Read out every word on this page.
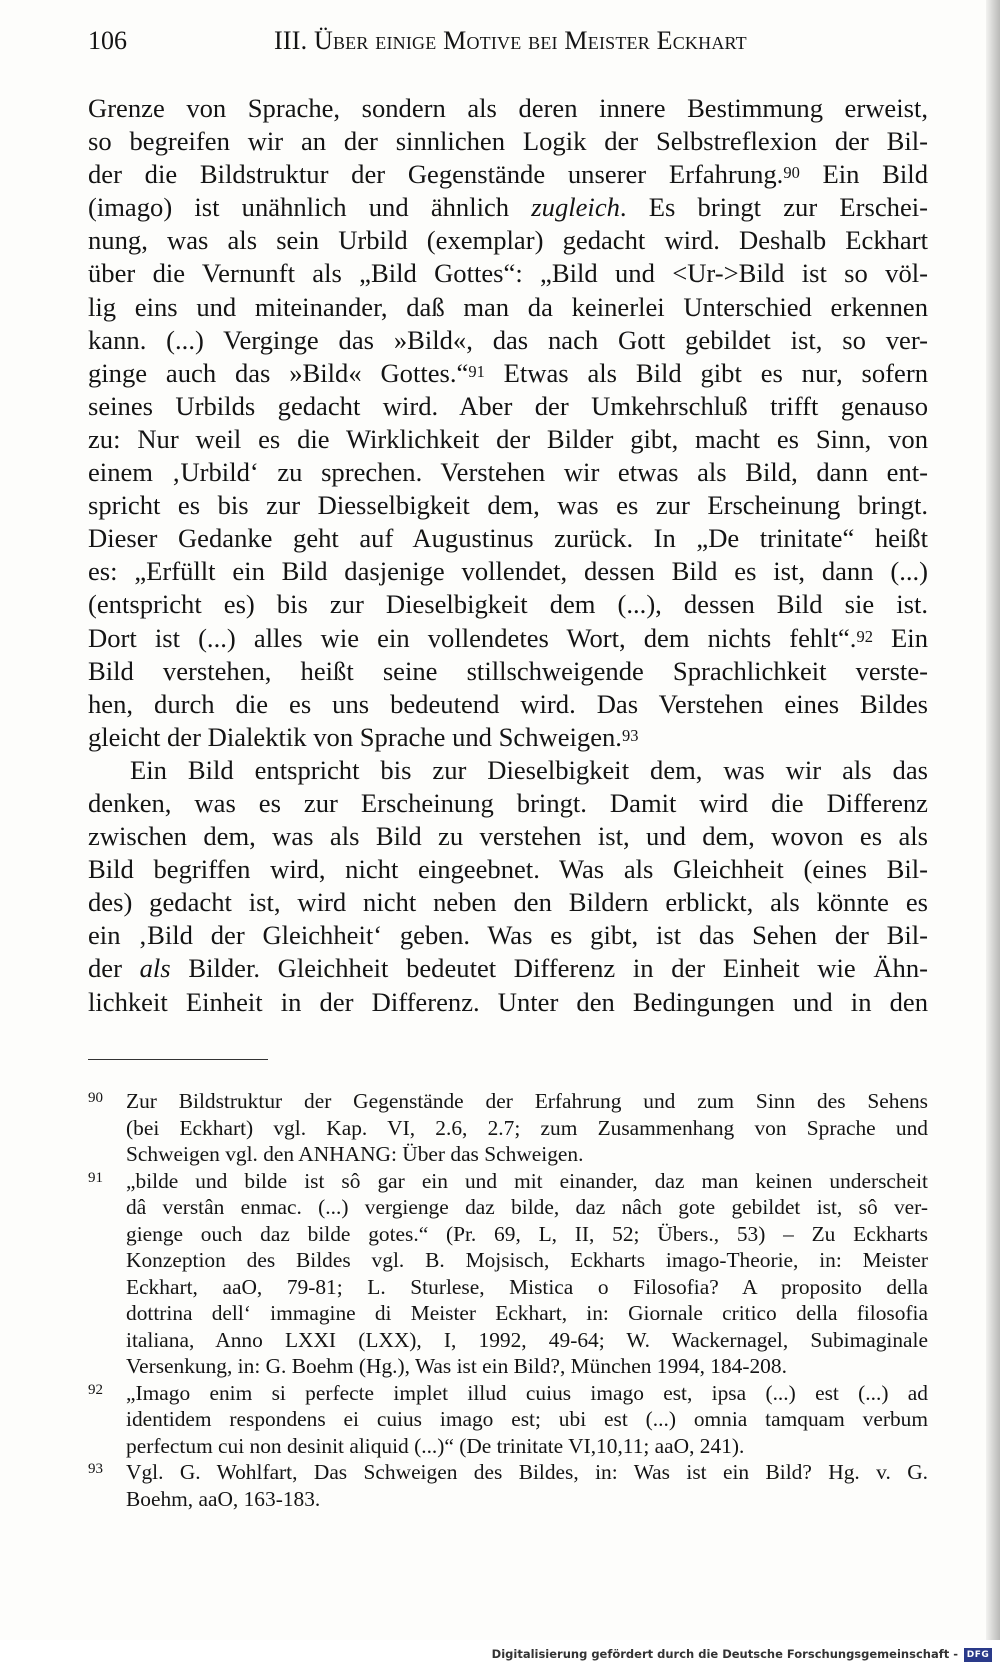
106	III. Über einige Motive bei Meister Eckhart
Grenze von Sprache, sondern als deren innere Bestimmung erweist,
so begreifen wir an der sinnlichen Logik der Selbstreflexion der Bil-
der die Bildstruktur der Gegenstände unserer Erfahrung.$^{90}$ Ein Bild
(imago) ist unähnlich und ähnlich zugleich. Es bringt zur Erschei-
nung, was als sein Urbild (exemplar) gedacht wird. Deshalb Eckhart
über die Vernunft als „Bild Gottes“: „Bild und <Ur->Bild ist so völ-
lig eins und miteinander, daß man da keinerlei Unterschied erkennen
kann. (...) Verginge das »Bild«, das nach Gott gebildet ist, so ver-
ginge auch das »Bild« Gottes.“$^{91}$ Etwas als Bild gibt es nur, sofern
seines Urbilds gedacht wird. Aber der Umkehrschluß trifft genauso
zu: Nur weil es die Wirklichkeit der Bilder gibt, macht es Sinn, von
einem ‚Urbild‘ zu sprechen. Verstehen wir etwas als Bild, dann ent-
spricht es bis zur Diesselbigkeit dem, was es zur Erscheinung bringt.
Dieser Gedanke geht auf Augustinus zurück. In „De trinitate“ heißt
es: „Erfüllt ein Bild dasjenige vollendet, dessen Bild es ist, dann (...)
(entspricht es) bis zur Dieselbigkeit dem (...), dessen Bild sie ist.
Dort ist (...) alles wie ein vollendetes Wort, dem nichts fehlt“.$^{92}$ Ein
Bild verstehen, heißt seine stillschweigende Sprachlichkeit verste-
hen, durch die es uns bedeutend wird. Das Verstehen eines Bildes
gleicht der Dialektik von Sprache und Schweigen.$^{93}$
Ein Bild entspricht bis zur Dieselbigkeit dem, was wir als das
denken, was es zur Erscheinung bringt. Damit wird die Differenz
zwischen dem, was als Bild zu verstehen ist, und dem, wovon es als
Bild begriffen wird, nicht eingeebnet. Was als Gleichheit (eines Bil-
des) gedacht ist, wird nicht neben den Bildern erblickt, als könnte es
ein ‚Bild der Gleichheit‘ geben. Was es gibt, ist das Sehen der Bil-
der als Bilder. Gleichheit bedeutet Differenz in der Einheit wie Ähn-
lichkeit Einheit in der Differenz. Unter den Bedingungen und in den
90 Zur Bildstruktur der Gegenstände der Erfahrung und zum Sinn des Sehens
(bei Eckhart) vgl. Kap. VI, 2.6, 2.7; zum Zusammenhang von Sprache und
Schweigen vgl. den ANHANG: Über das Schweigen.
91 „bilde und bilde ist sô gar ein und mit einander, daz man keinen underscheit
dâ verstân enmac. (...) vergienge daz bilde, daz nâch gote gebildet ist, sô ver-
gienge ouch daz bilde gotes.“ (Pr. 69, L, II, 52; Übers., 53) – Zu Eckharts
Konzeption des Bildes vgl. B. Mojsisch, Eckharts imago-Theorie, in: Meister
Eckhart, aaO, 79-81; L. Sturlese, Mistica o Filosofia? A proposito della
dottrina dell‘ immagine di Meister Eckhart, in: Giornale critico della filosofia
italiana, Anno LXXI (LXX), I, 1992, 49-64; W. Wackernagel, Subimaginale
Versenkung, in: G. Boehm (Hg.), Was ist ein Bild?, München 1994, 184-208.
92 „Imago enim si perfecte implet illud cuius imago est, ipsa (...) est (...) ad
identidem respondens ei cuius imago est; ubi est (...) omnia tamquam verbum
perfectum cui non desinit aliquid (...)“ (De trinitate VI,10,11; aaO, 241).
93 Vgl. G. Wohlfart, Das Schweigen des Bildes, in: Was ist ein Bild? Hg. v. G.
Boehm, aaO, 163-183.
Digitalisierung gefördert durch die Deutsche Forschungsgemeinschaft - DFG
